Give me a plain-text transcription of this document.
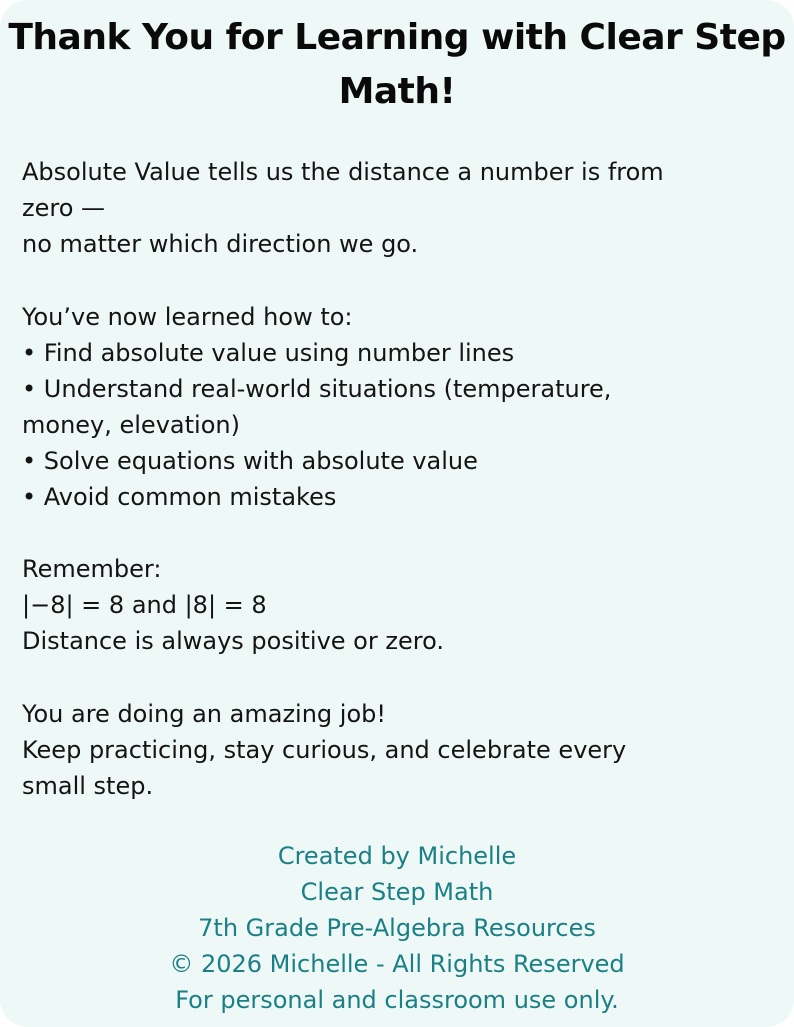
Thank You for Learning with Clear Step
Math!
Absolute Value tells us the distance a number is from
zero —
no matter which direction we go.
You’ve now learned how to:
• Find absolute value using number lines
• Understand real-world situations (temperature,
money, elevation)
• Solve equations with absolute value
• Avoid common mistakes
Remember:
|−8| = 8 and |8| = 8
Distance is always positive or zero.
You are doing an amazing job!
Keep practicing, stay curious, and celebrate every
small step.
Created by Michelle
Clear Step Math
7th Grade Pre-Algebra Resources
© 2026 Michelle - All Rights Reserved
For personal and classroom use only.
